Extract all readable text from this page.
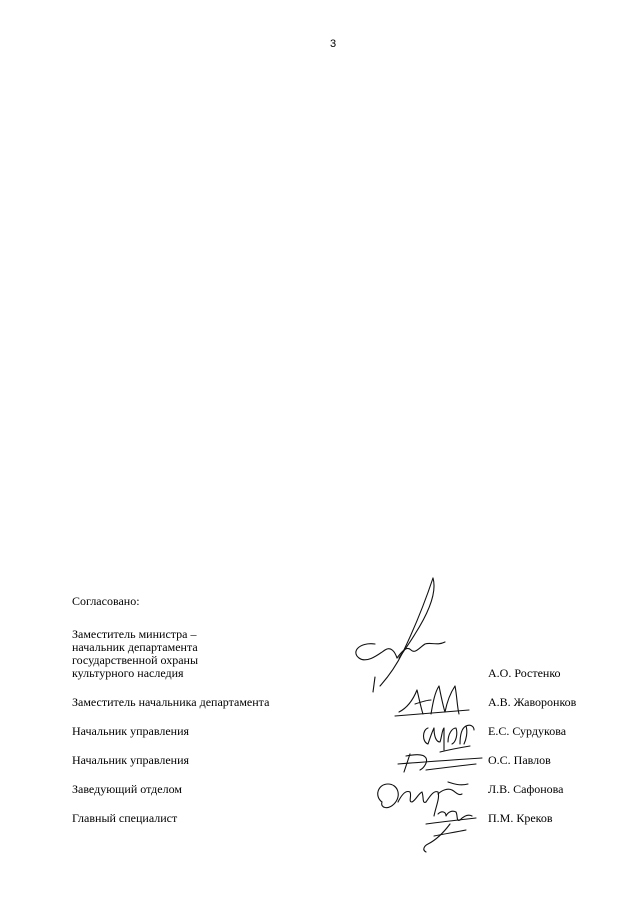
3
Согласовано:
Заместитель министра –
начальник департамента
государственной охраны
культурного наследия	А.О. Ростенко
Заместитель начальника департамента	А.В. Жаворонков
Начальник управления	Е.С. Сурдукова
Начальник управления	О.С. Павлов
Заведующий отделом	Л.В. Сафонова
Главный специалист	П.М. Креков
